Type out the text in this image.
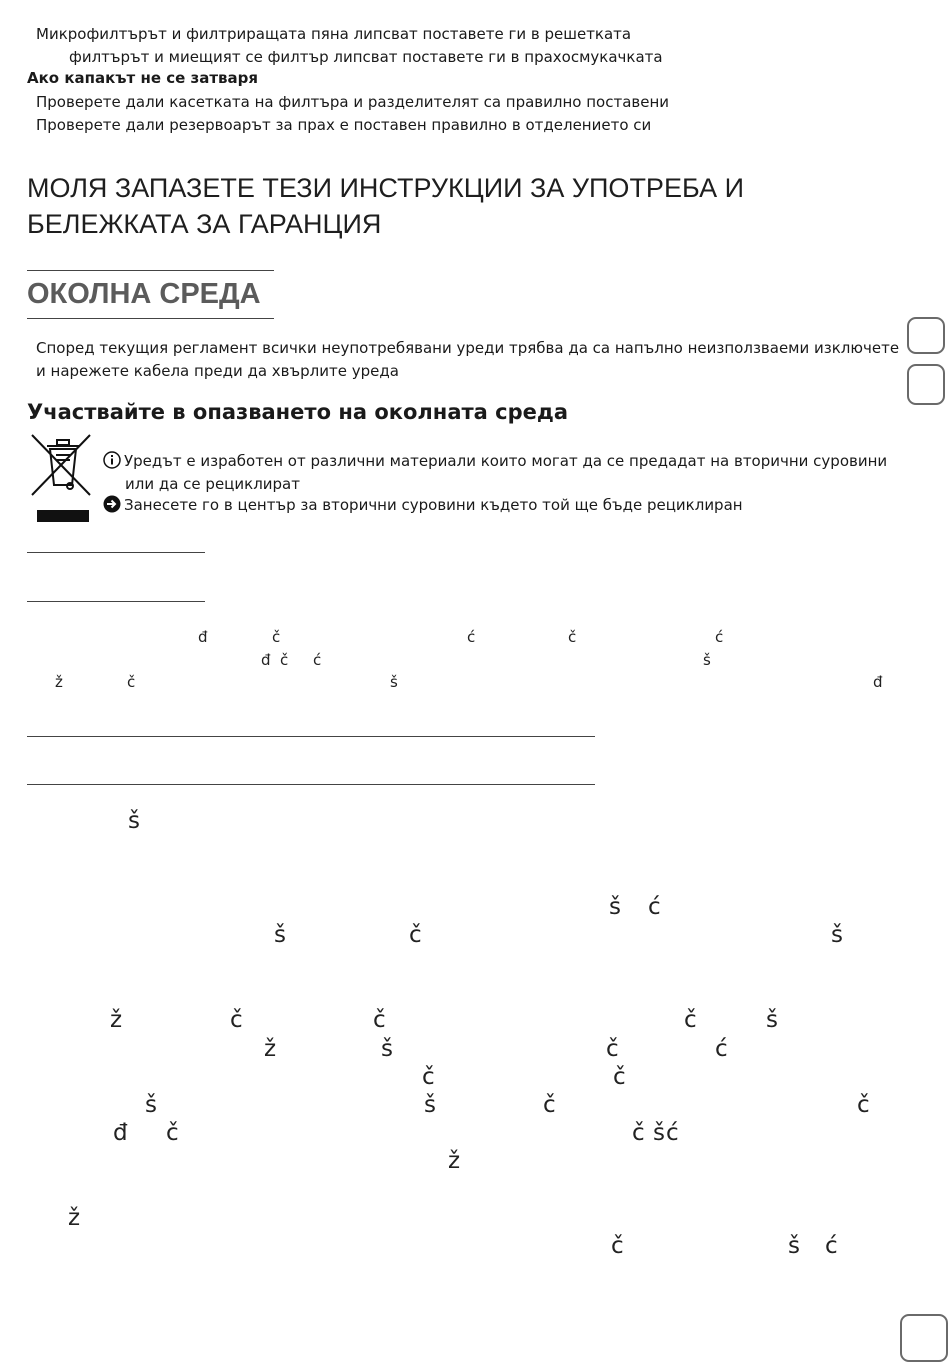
Микрофилтърът и филтриращата пяна липсват поставете ги в решетката
филтърът и миещият се филтър липсват поставете ги в прахосмукачката
Ако капакът не се затваря
Проверете дали касетката на филтъра и разделителят са правилно поставени
Проверете дали резервоарът за прах е поставен правилно в отделението си
МОЛЯ ЗАПАЗЕТЕ ТЕЗИ ИНСТРУКЦИИ ЗА УПОТРЕБА И БЕЛЕЖКАТА ЗА ГАРАНЦИЯ
ОКОЛНА СРЕДА
Според текущия регламент всички неупотребявани уреди трябва да са напълно неизползваеми изключете
и нарежете кабела преди да хвърлите уреда
Участвайте в опазването на околната среда
Уредът е изработен от различни материали които могат да се предадат на вторични суровини
или да се рециклират
Занесете го в център за вторични суровини където той ще бъде рециклиран
đ	č	ć	č	ć
đ č ć	š
ž	č	š	đ
š
š ć
š	č	š
ž	č	č	č	š
ž	š	č	ć
č	č
š	š	č	č
đ č	č š ć
ž
ž
č	š ć
